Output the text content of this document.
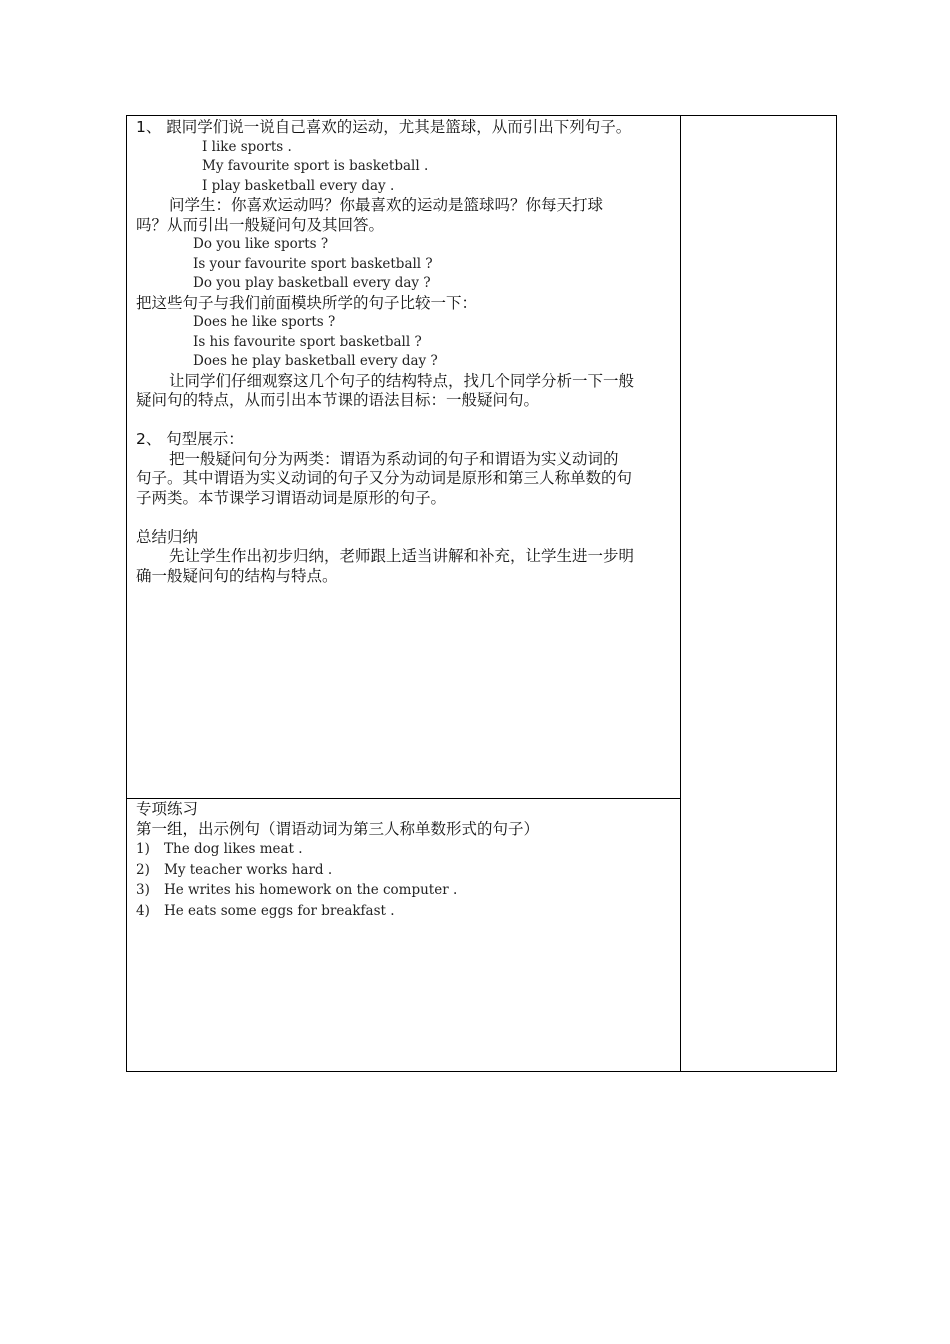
1、 跟同学们说一说自己喜欢的运动，尤其是篮球，从而引出下列句子。
I like sports .
My favourite sport is basketball .
I play basketball every day .
问学生：你喜欢运动吗？你最喜欢的运动是篮球吗？你每天打球
吗？从而引出一般疑问句及其回答。
Do you like sports ?
Is your favourite sport basketball ?
Do you play basketball every day ?
把这些句子与我们前面模块所学的句子比较一下：
Does he like sports ?
Is his favourite sport basketball ?
Does he play basketball every day ?
让同学们仔细观察这几个句子的结构特点，找几个同学分析一下一般
疑问句的特点，从而引出本节课的语法目标：一般疑问句。
2、 句型展示：
把一般疑问句分为两类：谓语为系动词的句子和谓语为实义动词的
句子。其中谓语为实义动词的句子又分为动词是原形和第三人称单数的句
子两类。本节课学习谓语动词是原形的句子。
总结归纳
先让学生作出初步归纳，老师跟上适当讲解和补充，让学生进一步明
确一般疑问句的结构与特点。
专项练习
第一组，出示例句（谓语动词为第三人称单数形式的句子）
1)	The dog likes meat .
2)	My teacher works hard .
3)	He writes his homework on the computer .
4)	He eats some eggs for breakfast .
